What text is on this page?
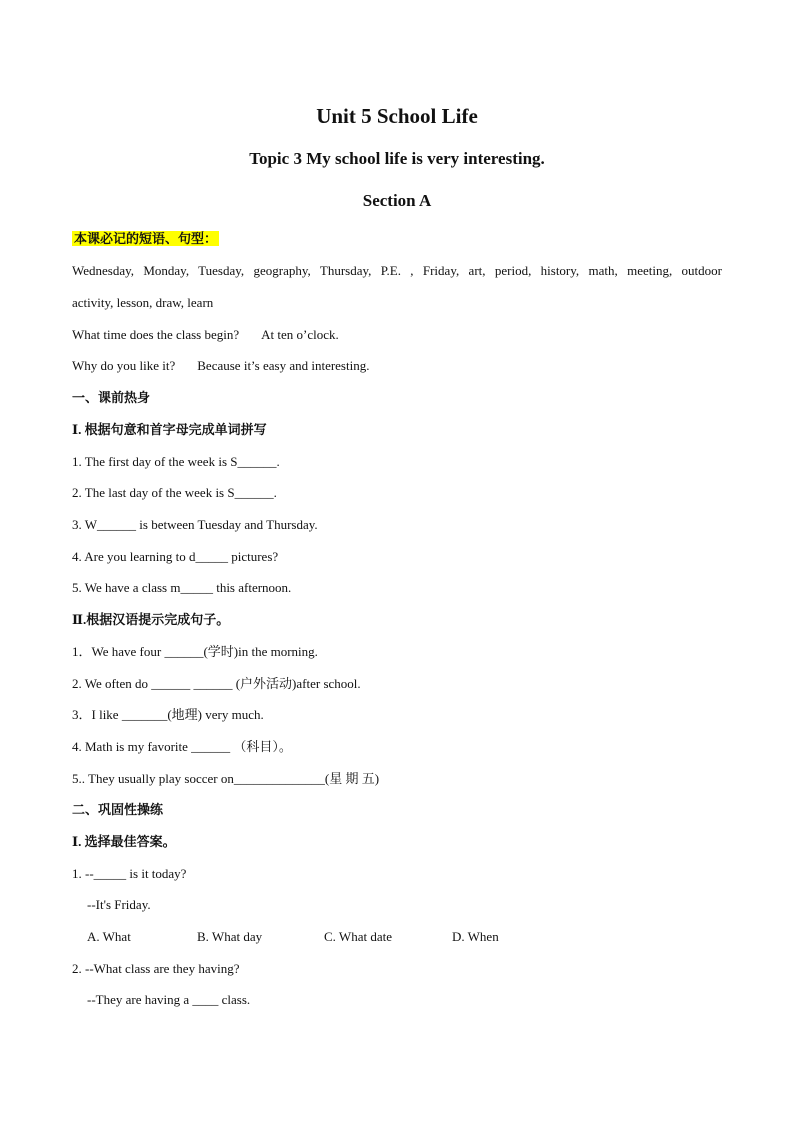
Unit 5 School Life
Topic 3 My school life is very interesting.
Section A

本课必记的短语、句型：

Wednesday, Monday, Tuesday, geography, Thursday, P.E. , Friday, art, period, history, math, meeting, outdoor

activity, lesson, draw, learn

What time does the class begin? At ten o’clock.

Why do you like it? Because it’s easy and interesting.

一、课前热身

Ⅰ. 根据句意和首字母完成单词拼写

1. The first day of the week is S______.

2. The last day of the week is S______.

3. W______ is between Tuesday and Thursday.

4. Are you learning to d_____ pictures?

5. We have a class m_____ this afternoon.

Ⅱ.根据汉语提示完成句子。

1．We have four ______(学时)in the morning.

2. We often do ______ ______ (户外活动)after school.

3．I like _______(地理) very much.

4. Math is my favorite ______ （科目）。

5.. They usually play soccer on______________(星 期 五)

二、巩固性操练

Ⅰ. 选择最佳答案。

1. --_____ is it today?

--It's Friday.

A. What	B. What day	C. What date	D. When

2. --What class are they having?

--They are having a ____ class.
